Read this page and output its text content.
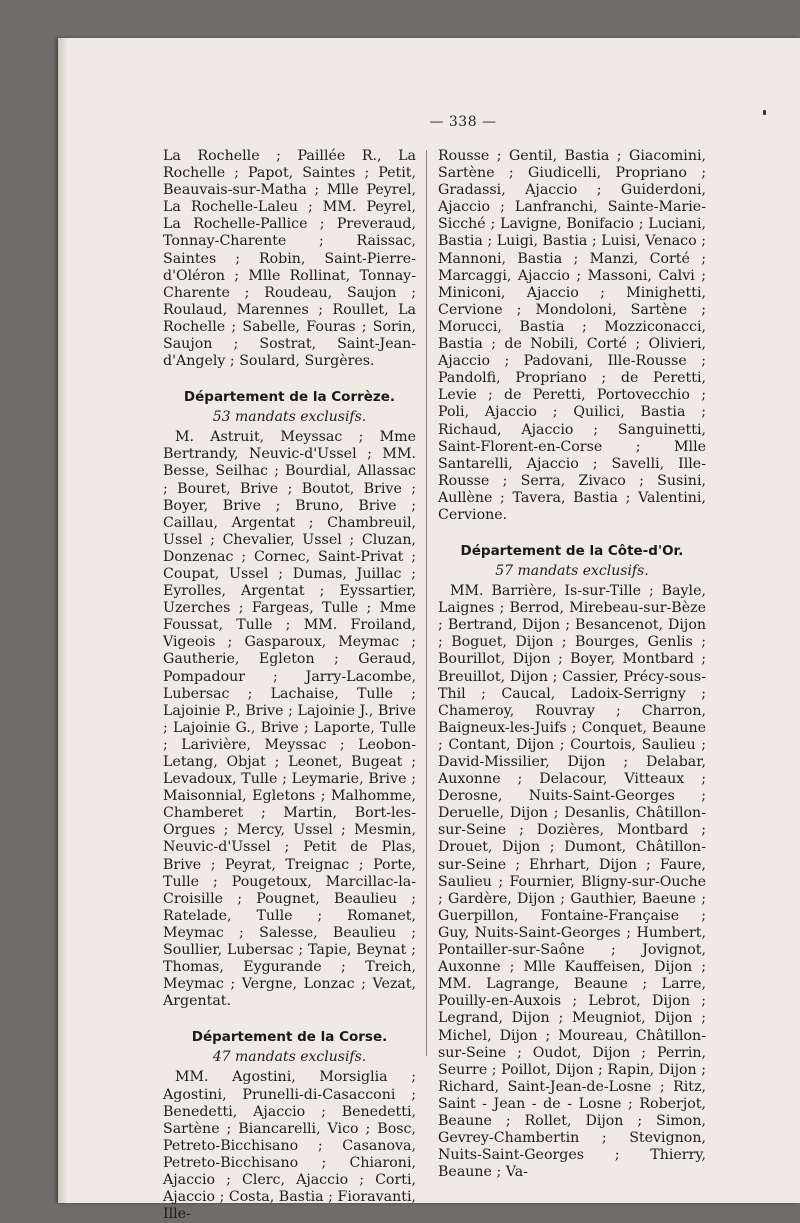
— 338 —

La Rochelle ; Paillée R., La Rochelle ; Papot, Saintes ; Petit, Beauvais-sur-Matha ; Mlle Peyrel, La Rochelle-Laleu ; MM. Peyrel, La Rochelle-Pallice ; Preveraud, Tonnay-Charente ; Raissac, Saintes ; Robin, Saint-Pierre-d'Oléron ; Mlle Rollinat, Tonnay-Charente ; Roudeau, Saujon ; Roulaud, Marennes ; Roullet, La Rochelle ; Sabelle, Fouras ; Sorin, Saujon ; Sostrat, Saint-Jean-d'Angely ; Soulard, Surgères.

Département de la Corrèze.
53 mandats exclusifs.

M. Astruit, Meyssac ; Mme Bertrandy, Neuvic-d'Ussel ; MM. Besse, Seilhac ; Bourdial, Allassac ; Bouret, Brive ; Boutot, Brive ; Boyer, Brive ; Bruno, Brive ; Caillau, Argentat ; Chambreuil, Ussel ; Chevalier, Ussel ; Cluzan, Donzenac ; Cornec, Saint-Privat ; Coupat, Ussel ; Dumas, Juillac ; Eyrolles, Argentat ; Eyssartier, Uzerches ; Fargeas, Tulle ; Mme Foussat, Tulle ; MM. Froiland, Vigeois ; Gasparoux, Meymac ; Gautherie, Egleton ; Geraud, Pompadour ; Jarry-Lacombe, Lubersac ; Lachaise, Tulle ; Lajoinie P., Brive ; Lajoinie J., Brive ; Lajoinie G., Brive ; Laporte, Tulle ; Larivière, Meyssac ; Leobon-Letang, Objat ; Leonet, Bugeat ; Levadoux, Tulle ; Leymarie, Brive ; Maisonnial, Egletons ; Malhomme, Chamberet ; Martin, Bort-les-Orgues ; Mercy, Ussel ; Mesmin, Neuvic-d'Ussel ; Petit de Plas, Brive ; Peyrat, Treignac ; Porte, Tulle ; Pougetoux, Marcillac-la-Croisille ; Pougnet, Beaulieu ; Ratelade, Tulle ; Romanet, Meymac ; Salesse, Beaulieu ; Soullier, Lubersac ; Tapie, Beynat ; Thomas, Eygurande ; Treich, Meymac ; Vergne, Lonzac ; Vezat, Argentat.

Département de la Corse.
47 mandats exclusifs.

MM. Agostini, Morsiglia ; Agostini, Prunelli-di-Casacconi ; Benedetti, Ajaccio ; Benedetti, Sartène ; Biancarelli, Vico ; Bosc, Petreto-Bicchisano ; Casanova, Petreto-Bicchisano ; Chiaroni, Ajaccio ; Clerc, Ajaccio ; Corti, Ajaccio ; Costa, Bastia ; Fioravanti, Ille-

Rousse ; Gentil, Bastia ; Giacomini, Sartène ; Giudicelli, Propriano ; Gradassi, Ajaccio ; Guiderdoni, Ajaccio ; Lanfranchi, Sainte-Marie-Sicché ; Lavigne, Bonifacio ; Luciani, Bastia ; Luigi, Bastia ; Luisi, Venaco ; Mannoni, Bastia ; Manzi, Corté ; Marcaggi, Ajaccio ; Massoni, Calvi ; Miniconi, Ajaccio ; Minighetti, Cervione ; Mondoloni, Sartène ; Morucci, Bastia ; Mozziconacci, Bastia ; de Nobili, Corté ; Olivieri, Ajaccio ; Padovani, Ille-Rousse ; Pandolfi, Propriano ; de Peretti, Levie ; de Peretti, Portovecchio ; Poli, Ajaccio ; Quilici, Bastia ; Richaud, Ajaccio ; Sanguinetti, Saint-Florent-en-Corse ; Mlle Santarelli, Ajaccio ; Savelli, Ille-Rousse ; Serra, Zivaco ; Susini, Aullène ; Tavera, Bastia ; Valentini, Cervione.

Département de la Côte-d'Or.
57 mandats exclusifs.

MM. Barrière, Is-sur-Tille ; Bayle, Laignes ; Berrod, Mirebeau-sur-Bèze ; Bertrand, Dijon ; Besancenot, Dijon ; Boguet, Dijon ; Bourges, Genlis ; Bourillot, Dijon ; Boyer, Montbard ; Breuillot, Dijon ; Cassier, Précy-sous-Thil ; Caucal, Ladoix-Serrigny ; Chameroy, Rouvray ; Charron, Baigneux-les-Juifs ; Conquet, Beaune ; Contant, Dijon ; Courtois, Saulieu ; David-Missilier, Dijon ; Delabar, Auxonne ; Delacour, Vitteaux ; Derosne, Nuits-Saint-Georges ; Deruelle, Dijon ; Desanlis, Châtillon-sur-Seine ; Dozières, Montbard ; Drouet, Dijon ; Dumont, Châtillon-sur-Seine ; Ehrhart, Dijon ; Faure, Saulieu ; Fournier, Bligny-sur-Ouche ; Gardère, Dijon ; Gauthier, Baeune ; Guerpillon, Fontaine-Française ; Guy, Nuits-Saint-Georges ; Humbert, Pontailler-sur-Saône ; Jovignot, Auxonne ; Mlle Kauffeisen, Dijon ; MM. Lagrange, Beaune ; Larre, Pouilly-en-Auxois ; Lebrot, Dijon ; Legrand, Dijon ; Meugniot, Dijon ; Michel, Dijon ; Moureau, Châtillon-sur-Seine ; Oudot, Dijon ; Perrin, Seurre ; Poillot, Dijon ; Rapin, Dijon ; Richard, Saint-Jean-de-Losne ; Ritz, Saint - Jean - de - Losne ; Roberjot, Beaune ; Rollet, Dijon ; Simon, Gevrey-Chambertin ; Stevignon, Nuits-Saint-Georges ; Thierry, Beaune ; Va-
